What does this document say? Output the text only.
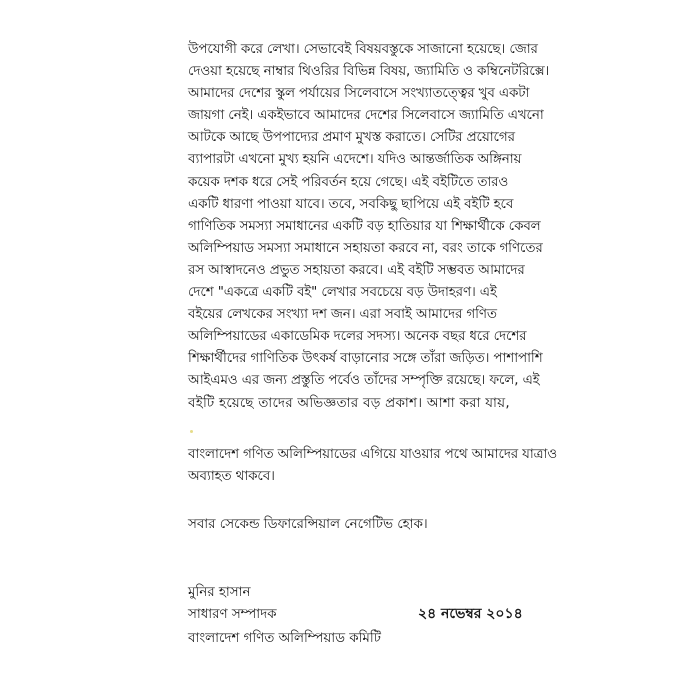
উপযোগী করে লেখা। সেভাবেই বিষয়বস্তুকে সাজানো হয়েছে। জোর
দেওয়া হয়েছে নাম্বার থিওরির বিভিন্ন বিষয়, জ্যামিতি ও কম্বিনেটরিক্সে।
আমাদের দেশের স্কুল পর্যায়ের সিলেবাসে সংখ্যাতত্ত্বের খুব একটা
জায়গা নেই। একইভাবে আমাদের দেশের সিলেবাসে জ্যামিতি এখনো
আটকে আছে উপপাদ্যের প্রমাণ মুখস্ত করাতে। সেটির প্রয়োগের
ব্যাপারটা এখনো মুখ্য হয়নি এদেশে। যদিও আন্তর্জাতিক অঙ্গিনায়
কয়েক দশক ধরে সেই পরিবর্তন হয়ে গেছে। এই বইটিতে তারও
একটি ধারণা পাওয়া যাবে। তবে, সবকিছু ছাপিয়ে এই বইটি হবে
গাণিতিক সমস্যা সমাধানের একটি বড় হাতিয়ার যা শিক্ষার্থীকে কেবল
অলিম্পিয়াড সমস্যা সমাধানে সহায়তা করবে না, বরং তাকে গণিতের
রস আস্বাদনেও প্রভুত সহায়তা করবে। এই বইটি সম্ভবত আমাদের
দেশে "একত্রে একটি বই" লেখার সবচেয়ে বড় উদাহরণ। এই
বইয়ের লেখকের সংখ্যা দশ জন। এরা সবাই আমাদের গণিত
অলিম্পিয়াডের একাডেমিক দলের সদস্য। অনেক বছর ধরে দেশের
শিক্ষার্থীদের গাণিতিক উৎকর্ষ বাড়ানোর সঙ্গে তাঁরা জড়িত। পাশাপাশি
আইএমও এর জন্য প্রস্তুতি পর্বেও তাঁদের সম্পৃক্তি রয়েছে। ফলে, এই
বইটি হয়েছে তাদের অভিজ্ঞতার বড় প্রকাশ। আশা করা যায়,
বাংলাদেশ গণিত অলিম্পিয়াডের এগিয়ে যাওয়ার পথে আমাদের যাত্রাও
অব্যাহত থাকবে।
সবার সেকেন্ড ডিফারেন্সিয়াল নেগেটিভ হোক।
মুনির হাসান
সাধারণ সম্পাদক
বাংলাদেশ গণিত অলিম্পিয়াড কমিটি
২৪ নভেম্বর ২০১৪
